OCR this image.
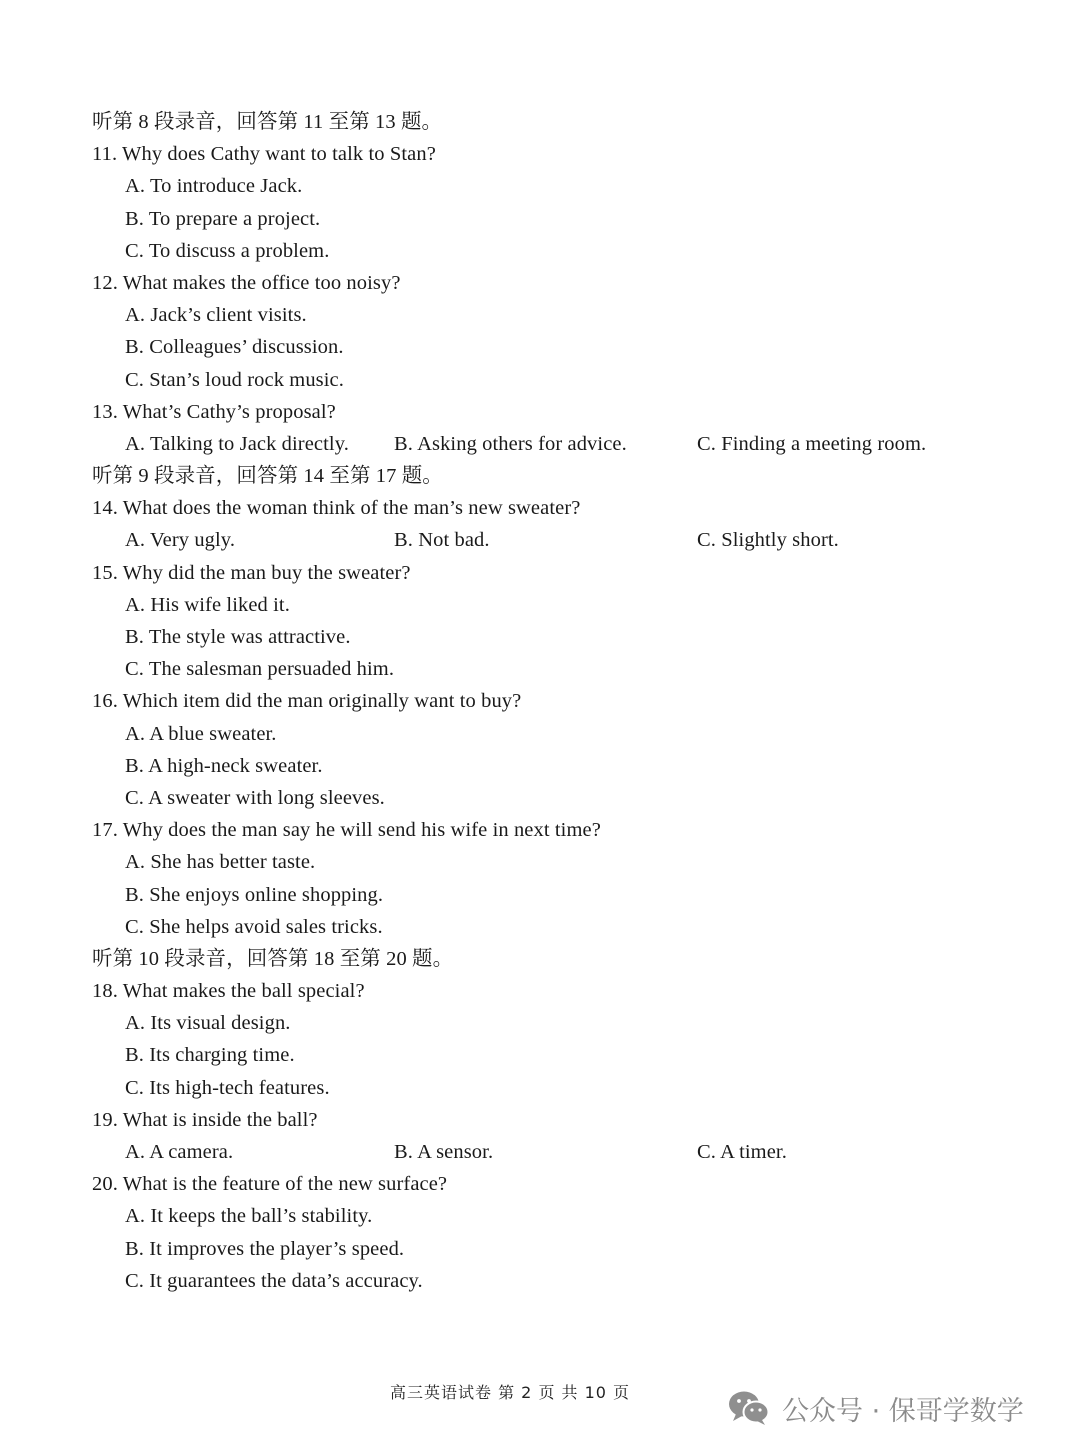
听第 8 段录音，回答第 11 至第 13 题。
11. Why does Cathy want to talk to Stan?
A. To introduce Jack.
B. To prepare a project.
C. To discuss a problem.
12. What makes the office too noisy?
A. Jack’s client visits.
B. Colleagues’ discussion.
C. Stan’s loud rock music.
13. What’s Cathy’s proposal?
A. Talking to Jack directly. B. Asking others for advice.	C. Finding a meeting room.
听第 9 段录音，回答第 14 至第 17 题。
14. What does the woman think of the man’s new sweater?
A. Very ugly.	B. Not bad.	C. Slightly short.
15. Why did the man buy the sweater?
A. His wife liked it.
B. The style was attractive.
C. The salesman persuaded him.
16. Which item did the man originally want to buy?
A. A blue sweater.
B. A high-neck sweater.
C. A sweater with long sleeves.
17. Why does the man say he will send his wife in next time?
A. She has better taste.
B. She enjoys online shopping.
C. She helps avoid sales tricks.
听第 10 段录音，回答第 18 至第 20 题。
18. What makes the ball special?
A. Its visual design.
B. Its charging time.
C. Its high-tech features.
19. What is inside the ball?
A. A camera.	B. A sensor.	C. A timer.
20. What is the feature of the new surface?
A. It keeps the ball’s stability.
B. It improves the player’s speed.
C. It guarantees the data’s accuracy.
高三英语试卷 第 2 页 共 10 页
公众号 · 保哥学数学
